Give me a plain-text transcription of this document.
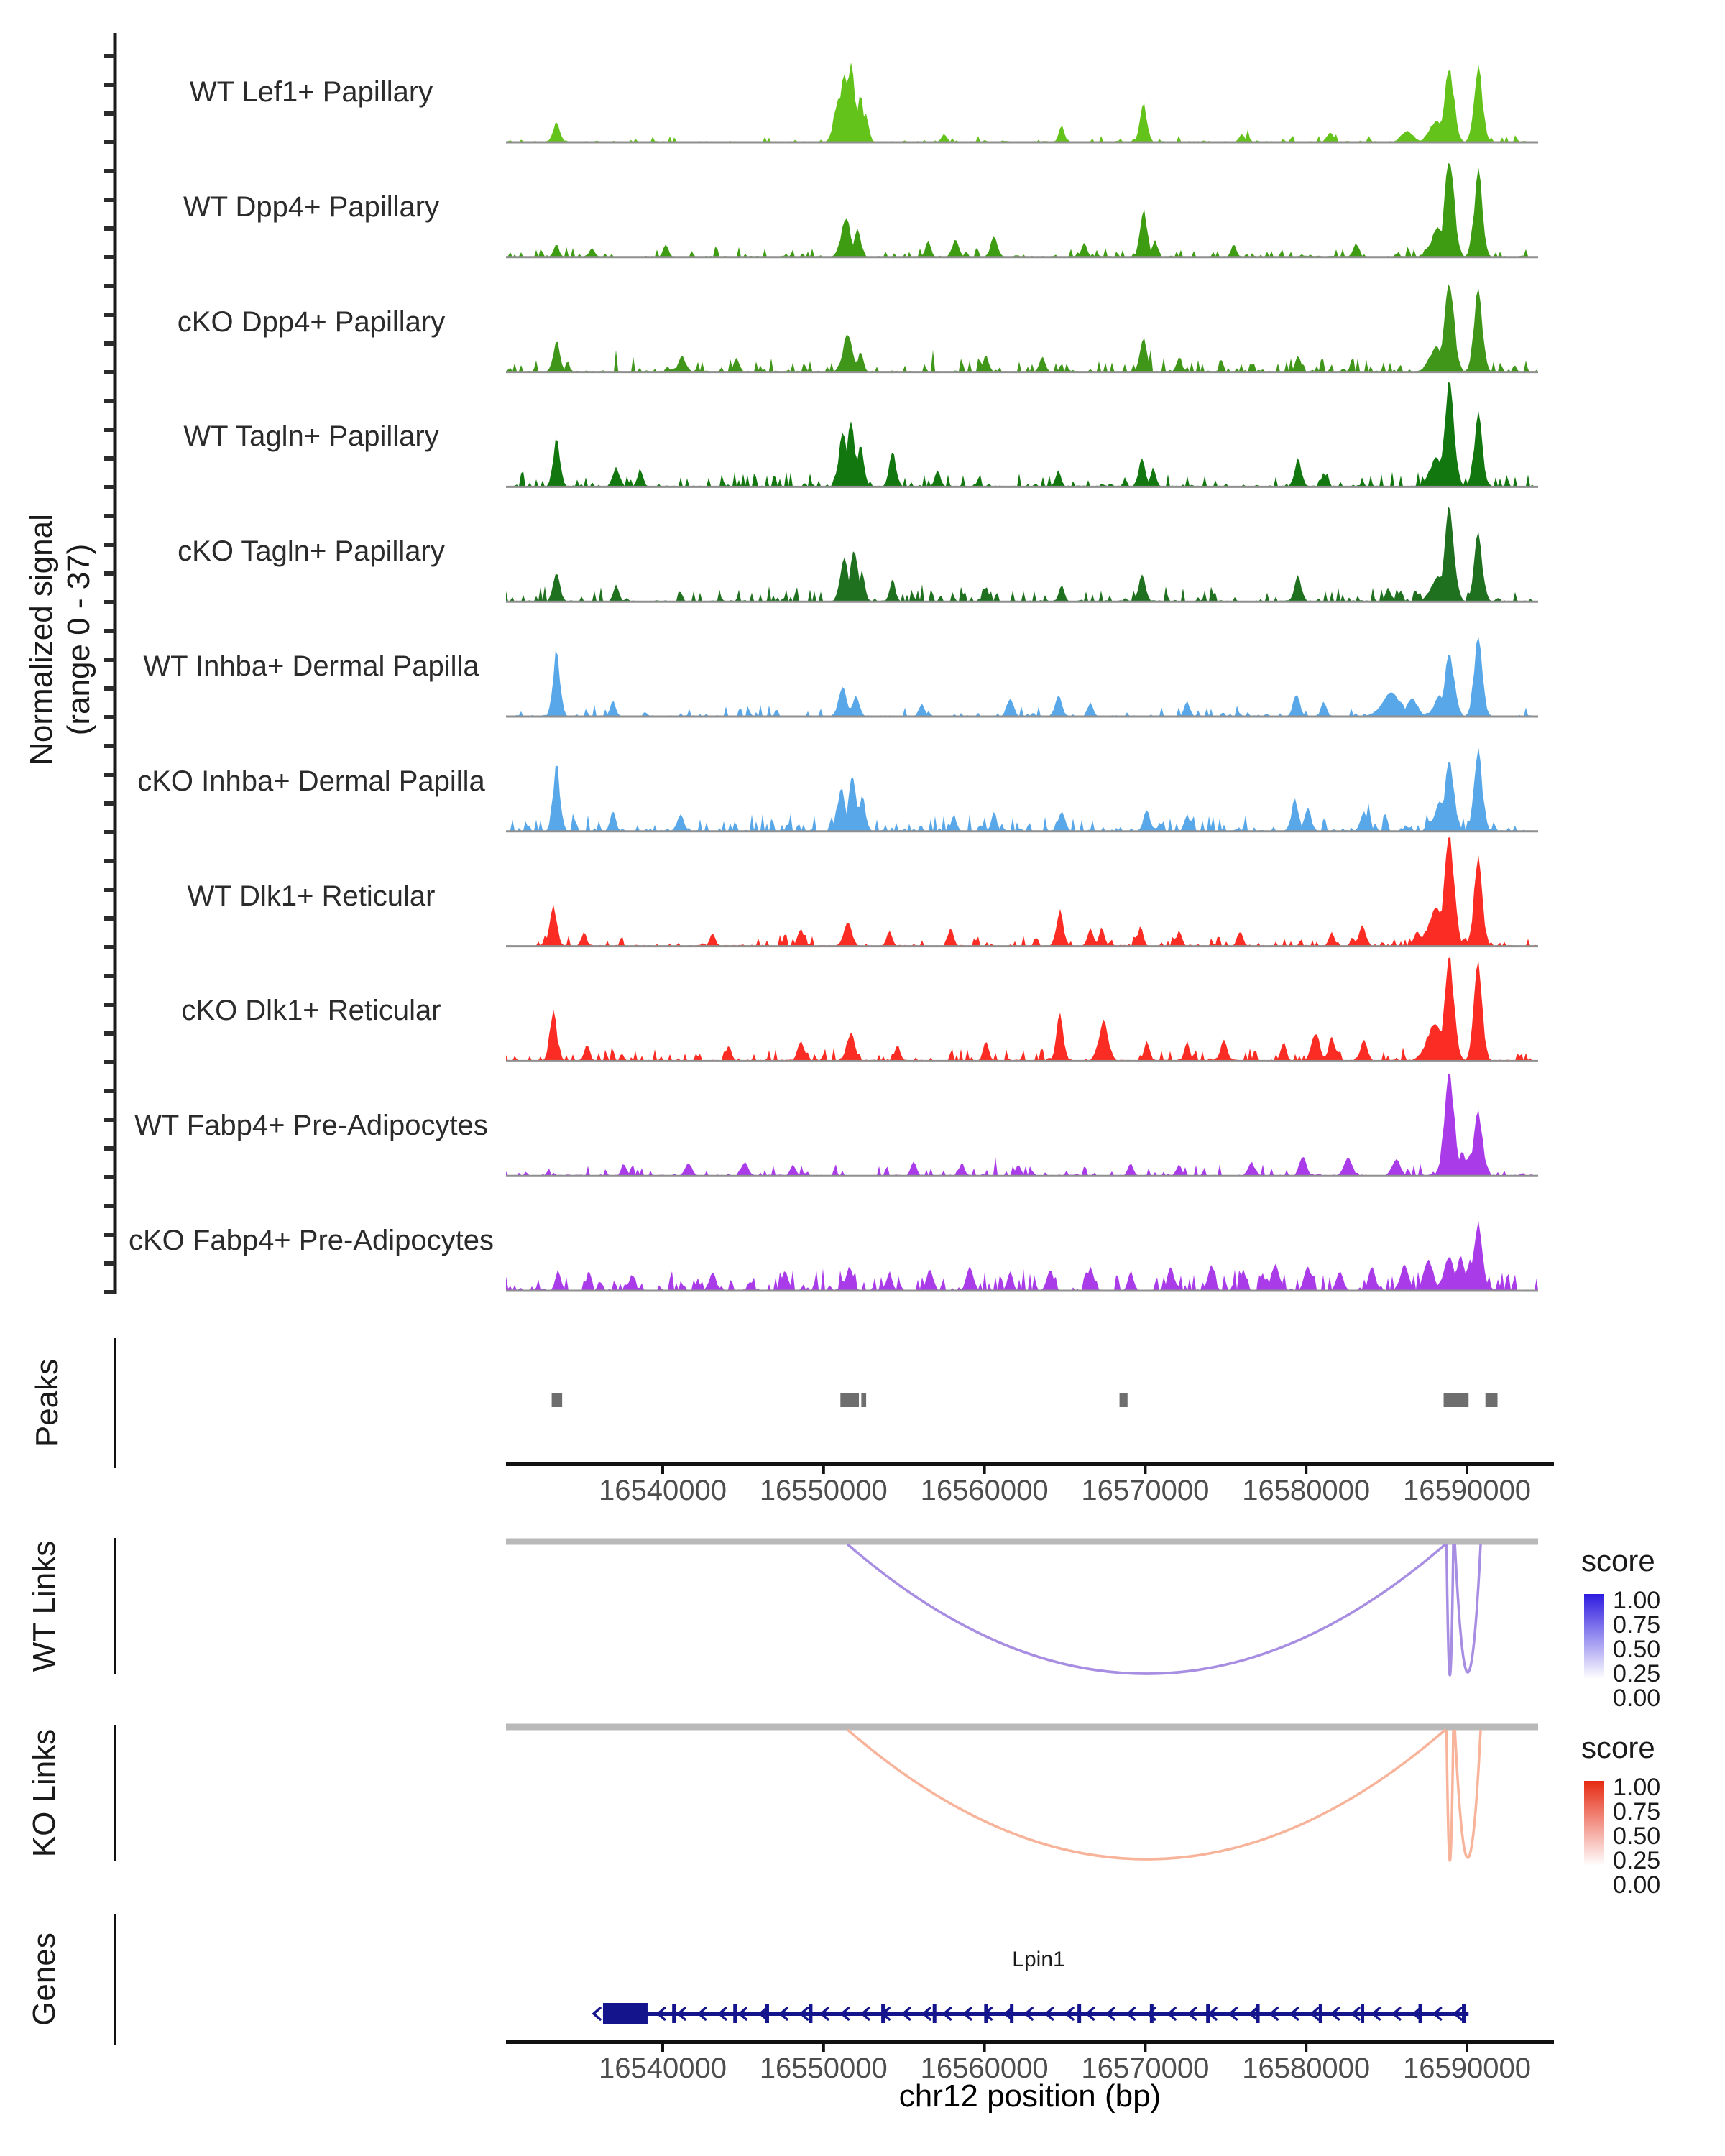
Normalized signal (range 0 - 37)
Peaks
WT Links
KO Links
Genes
WT Lef1+ Papillary
WT Dpp4+ Papillary
cKO Dpp4+ Papillary
WT Tagln+ Papillary
cKO Tagln+ Papillary
WT Inhba+ Dermal Papilla
cKO Inhba+ Dermal Papilla
WT Dlk1+ Reticular
cKO Dlk1+ Reticular
WT Fabp4+ Pre-Adipocytes
cKO Fabp4+ Pre-Adipocytes
16540000 16550000 16560000 16570000 16580000 16590000
16540000 16550000 16560000 16570000 16580000 16590000
chr12 position (bp)
Lpin1
score
1.00
0.75
0.50
0.25
0.00
score
1.00
0.75
0.50
0.25
0.00
